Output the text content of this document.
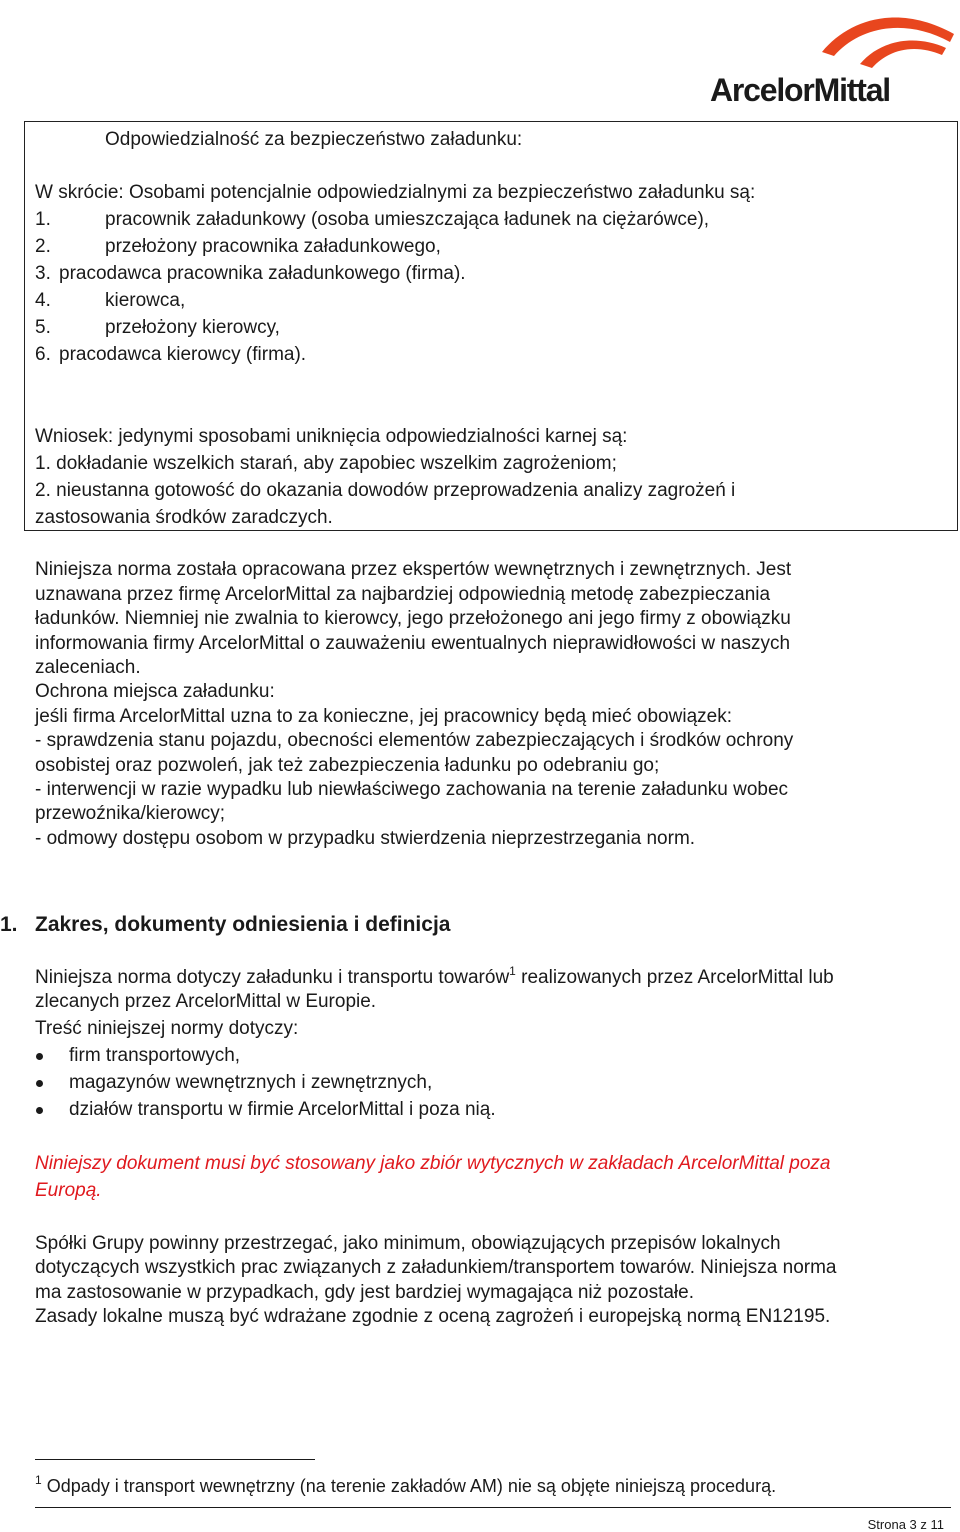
ArcelorMittal
Odpowiedzialność za bezpieczeństwo załadunku:
W skrócie: Osobami potencjalnie odpowiedzialnymi za bezpieczeństwo załadunku są:
1.	pracownik załadunkowy (osoba umieszczająca ładunek na ciężarówce),
2.	przełożony pracownika załadunkowego,
3. pracodawca pracownika załadunkowego (firma).
4.	kierowca,
5.	przełożony kierowcy,
6. pracodawca kierowcy (firma).
Wniosek: jedynymi sposobami uniknięcia odpowiedzialności karnej są:
1. dokładanie wszelkich starań, aby zapobiec wszelkim zagrożeniom;
2. nieustanna gotowość do okazania dowodów przeprowadzenia analizy zagrożeń i
zastosowania środków zaradczych.
Niniejsza norma została opracowana przez ekspertów wewnętrznych i zewnętrznych. Jest
uznawana przez firmę ArcelorMittal za najbardziej odpowiednią metodę zabezpieczania
ładunków. Niemniej nie zwalnia to kierowcy, jego przełożonego ani jego firmy z obowiązku
informowania firmy ArcelorMittal o zauważeniu ewentualnych nieprawidłowości w naszych
zaleceniach.
Ochrona miejsca załadunku:
jeśli firma ArcelorMittal uzna to za konieczne, jej pracownicy będą mieć obowiązek:
- sprawdzenia stanu pojazdu, obecności elementów zabezpieczających i środków ochrony
osobistej oraz pozwoleń, jak też zabezpieczenia ładunku po odebraniu go;
- interwencji w razie wypadku lub niewłaściwego zachowania na terenie załadunku wobec
przewoźnika/kierowcy;
- odmowy dostępu osobom w przypadku stwierdzenia nieprzestrzegania norm.
1. Zakres, dokumenty odniesienia i definicja
Niniejsza norma dotyczy załadunku i transportu towarów$^1$ realizowanych przez ArcelorMittal lub
zlecanych przez ArcelorMittal w Europie.
Treść niniejszej normy dotyczy:
firm transportowych,
magazynów wewnętrznych i zewnętrznych,
działów transportu w firmie ArcelorMittal i poza nią.
Niniejszy dokument musi być stosowany jako zbiór wytycznych w zakładach ArcelorMittal poza
Europą.
Spółki Grupy powinny przestrzegać, jako minimum, obowiązujących przepisów lokalnych
dotyczących wszystkich prac związanych z załadunkiem/transportem towarów. Niniejsza norma
ma zastosowanie w przypadkach, gdy jest bardziej wymagająca niż pozostałe.
Zasady lokalne muszą być wdrażane zgodnie z oceną zagrożeń i europejską normą EN12195.
$^1$ Odpady i transport wewnętrzny (na terenie zakładów AM) nie są objęte niniejszą procedurą.
Strona 3 z 11
